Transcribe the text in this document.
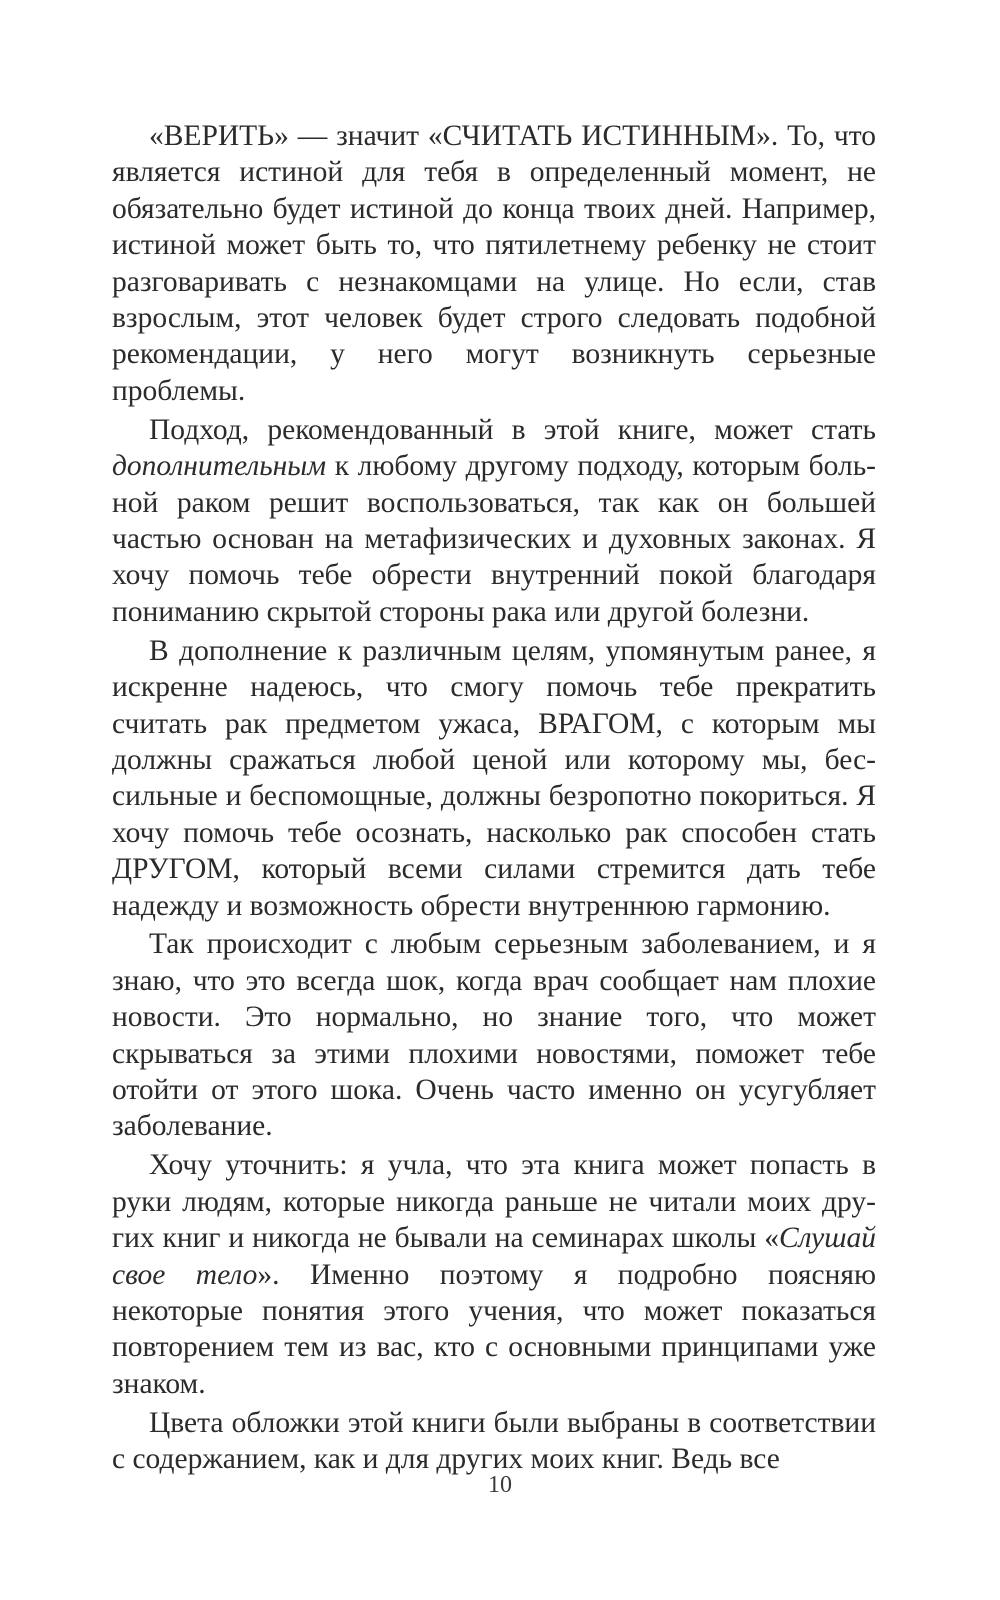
«ВЕРИТЬ» — значит «СЧИТАТЬ ИСТИННЫМ». То, что является истиной для тебя в определенный момент, не обязательно будет истиной до конца твоих дней. Например, истиной может быть то, что пятилетнему ребенку не стоит разговаривать с незнакомцами на улице. Но если, став взрослым, этот человек будет строго следовать подобной рекомендации, у него могут возникнуть серьезные проблемы.

Подход, рекомендованный в этой книге, может стать дополнительным к любому другому подходу, которым больной раком решит воспользоваться, так как он большей частью основан на метафизических и духовных законах. Я хочу помочь тебе обрести внутренний покой благодаря пониманию скрытой стороны рака или другой болезни.

В дополнение к различным целям, упомянутым ранее, я искренне надеюсь, что смогу помочь тебе прекратить считать рак предметом ужаса, ВРАГОМ, с которым мы должны сражаться любой ценой или которому мы, бессильные и беспомощные, должны безропотно покориться. Я хочу помочь тебе осознать, насколько рак способен стать ДРУГОМ, который всеми силами стремится дать тебе надежду и возможность обрести внутреннюю гармонию.

Так происходит с любым серьезным заболеванием, и я знаю, что это всегда шок, когда врач сообщает нам плохие новости. Это нормально, но знание того, что может скрываться за этими плохими новостями, поможет тебе отойти от этого шока. Очень часто именно он усугубляет заболевание.

Хочу уточнить: я учла, что эта книга может попасть в руки людям, которые никогда раньше не читали моих других книг и никогда не бывали на семинарах школы «Слушай свое тело». Именно поэтому я подробно поясняю некоторые понятия этого учения, что может показаться повторением тем из вас, кто с основными принципами уже знаком.

Цвета обложки этой книги были выбраны в соответствии с содержанием, как и для других моих книг. Ведь все

10
